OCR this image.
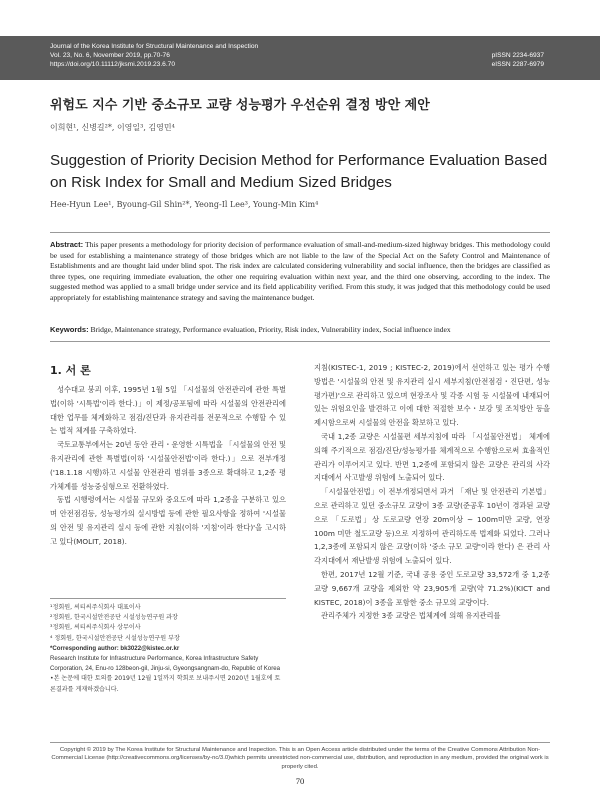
Journal of the Korea Institute for Structural Maintenance and Inspection
Vol. 23, No. 6, November 2019, pp.70-76
https://doi.org/10.11112/jksmi.2019.23.6.70
pISSN 2234-6937
eISSN 2287-6979
위험도 지수 기반 중소규모 교량 성능평가 우선순위 결정 방안 제안
이희현¹, 신병길²*, 이영일³, 김영민⁴
Suggestion of Priority Decision Method for Performance Evaluation Based on Risk Index for Small and Medium Sized Bridges
Hee-Hyun Lee¹, Byoung-Gil Shin²*, Yeong-Il Lee³, Young-Min Kim⁴
Abstract: This paper presents a methodology for priority decision of performance evaluation of small-and-medium-sized highway bridges. This methodology could be used for establishing a maintenance strategy of those bridges which are not liable to the law of the Special Act on the Safety Control and Maintenance of Establishments and are thought laid under blind spot. The risk index are calculated considering vulnerability and social influence, then the bridges are classified as three types, one requiring immediate evaluation, the other one requiring evaluation within next year, and the third one observing, according to the index. The suggested method was applied to a small bridge under service and its field applicability verified. From this study, it was judged that this methodology could be used appropriately for establishing maintenance strategy and saving the maintenance budget.
Keywords: Bridge, Maintenance strategy, Performance evaluation, Priority, Risk index, Vulnerability index, Social influence index
1. 서 론

성수대교 붕괴 이후, 1995년 1월 5일 「시설물의 안전관리에 관한 특별법(이하 '시특법'이라 한다.)」이 제정/공포됨에 따라 시설물의 안전관리에 대한 업무를 체계화하고 점검/진단과 유지관리를 전문적으로 수행할 수 있는 법적 체계를 구축하였다.

국토교통부에서는 20년 동안 관리・운영한 시특법을 「시설물의 안전 및 유지관리에 관한 특별법(이하 '시설물안전법'이라 한다.)」으로 전부개정('18.1.18 시행)하고 시설물 안전관리 범위를 3종으로 확대하고 1,2종 평가체계를 성능중심형으로 전환하였다.

동법 시행령에서는 시설물 규모와 중요도에 따라 1,2종을 구분하고 있으며 안전점검등, 성능평가의 실시방법 등에 관한 필요사항을 정하여 '시설물의 안전 및 유지관리 실시 등에 관한 지침(이하 '지침'이라 한다)'을 고시하고 있다(MOLIT, 2018).

¹정회원, 씨티씨주식회사 대표이사
²정회원, 한국시설안전공단 시설성능연구원 과장
³정회원, 씨티씨주식회사 상무이사
⁴ 정회원, 한국시설안전공단 시설성능연구원 부장
*Corresponding author: bk3022@kistec.or.kr
Research Institute for Infrastructure Performance, Korea Infrastructure Safety Corporation, 24, Enu-ro 128beon-gil, Jinju-si, Gyeongsangnam-do, Republic of Korea
•본 논문에 대한 토의를 2019년 12월 1일까지 학회로 보내주시면 2020년 1월호에 토론결과를 게재하겠습니다.

지침(KISTEC-1, 2019 ; KISTEC-2, 2019)에서 선언하고 있는 평가 수행방법은 '시설물의 안전 및 유지관리 실시 세부지침(안전점검・진단편, 성능평가편)'으로 관리하고 있으며 현장조사 및 각종 시험 등 시설물에 내재되어 있는 위험요인을 발견하고 이에 대한 적절한 보수・보강 및 조치방안 등을 제시함으로써 시설물의 안전을 확보하고 있다.

국내 1,2종 교량은 시설물편 세부지침에 따라 「시설물안전법」 체계에 의해 주기적으로 점검/진단/성능평가를 체계적으로 수행함으로써 효율적인 관리가 이루어지고 있다. 반면 1,2종에 포함되지 않은 교량은 관리의 사각지대에서 사고발생 위험에 노출되어 있다.

「시설물안전법」이 전부개정되면서 과거 「재난 및 안전관리 기본법」으로 관리하고 있던 중소규모 교량이 3종 교량(준공후 10년이 경과된 교량으로 「도로법」상 도로교량 연장 20m이상 ~ 100m미만 교량, 연장 100m 미만 철도교량 등)으로 지정하여 관리하도록 법제화 되었다. 그러나 1,2,3종에 포함되지 않은 교량(이하 '중소 규모 교량'이라 한다) 은 관리 사각지대에서 재난발생 위험에 노출되어 있다.

한편, 2017년 12월 기준, 국내 공용 중인 도로교량 33,572개 중 1,2종 교량 9,667개 교량을 제외한 약 23,905개 교량(약 71.2%)(KICT and KISTEC, 2018)이 3종을 포함한 중소 규모의 교량이다.

관리주체가 지정한 3종 교량은 법체계에 의해 유지관리를

Copyright © 2019 by The Korea Institute for Structural Maintenance and Inspection. This is an Open Access article distributed under the terms of the Creative Commons Attribution Non-Commercial License (http://creativecommons.org/licenses/by-nc/3.0)which permits unrestricted non-commercial use, distribution, and reproduction in any medium, provided the original work is properly cited.
70
